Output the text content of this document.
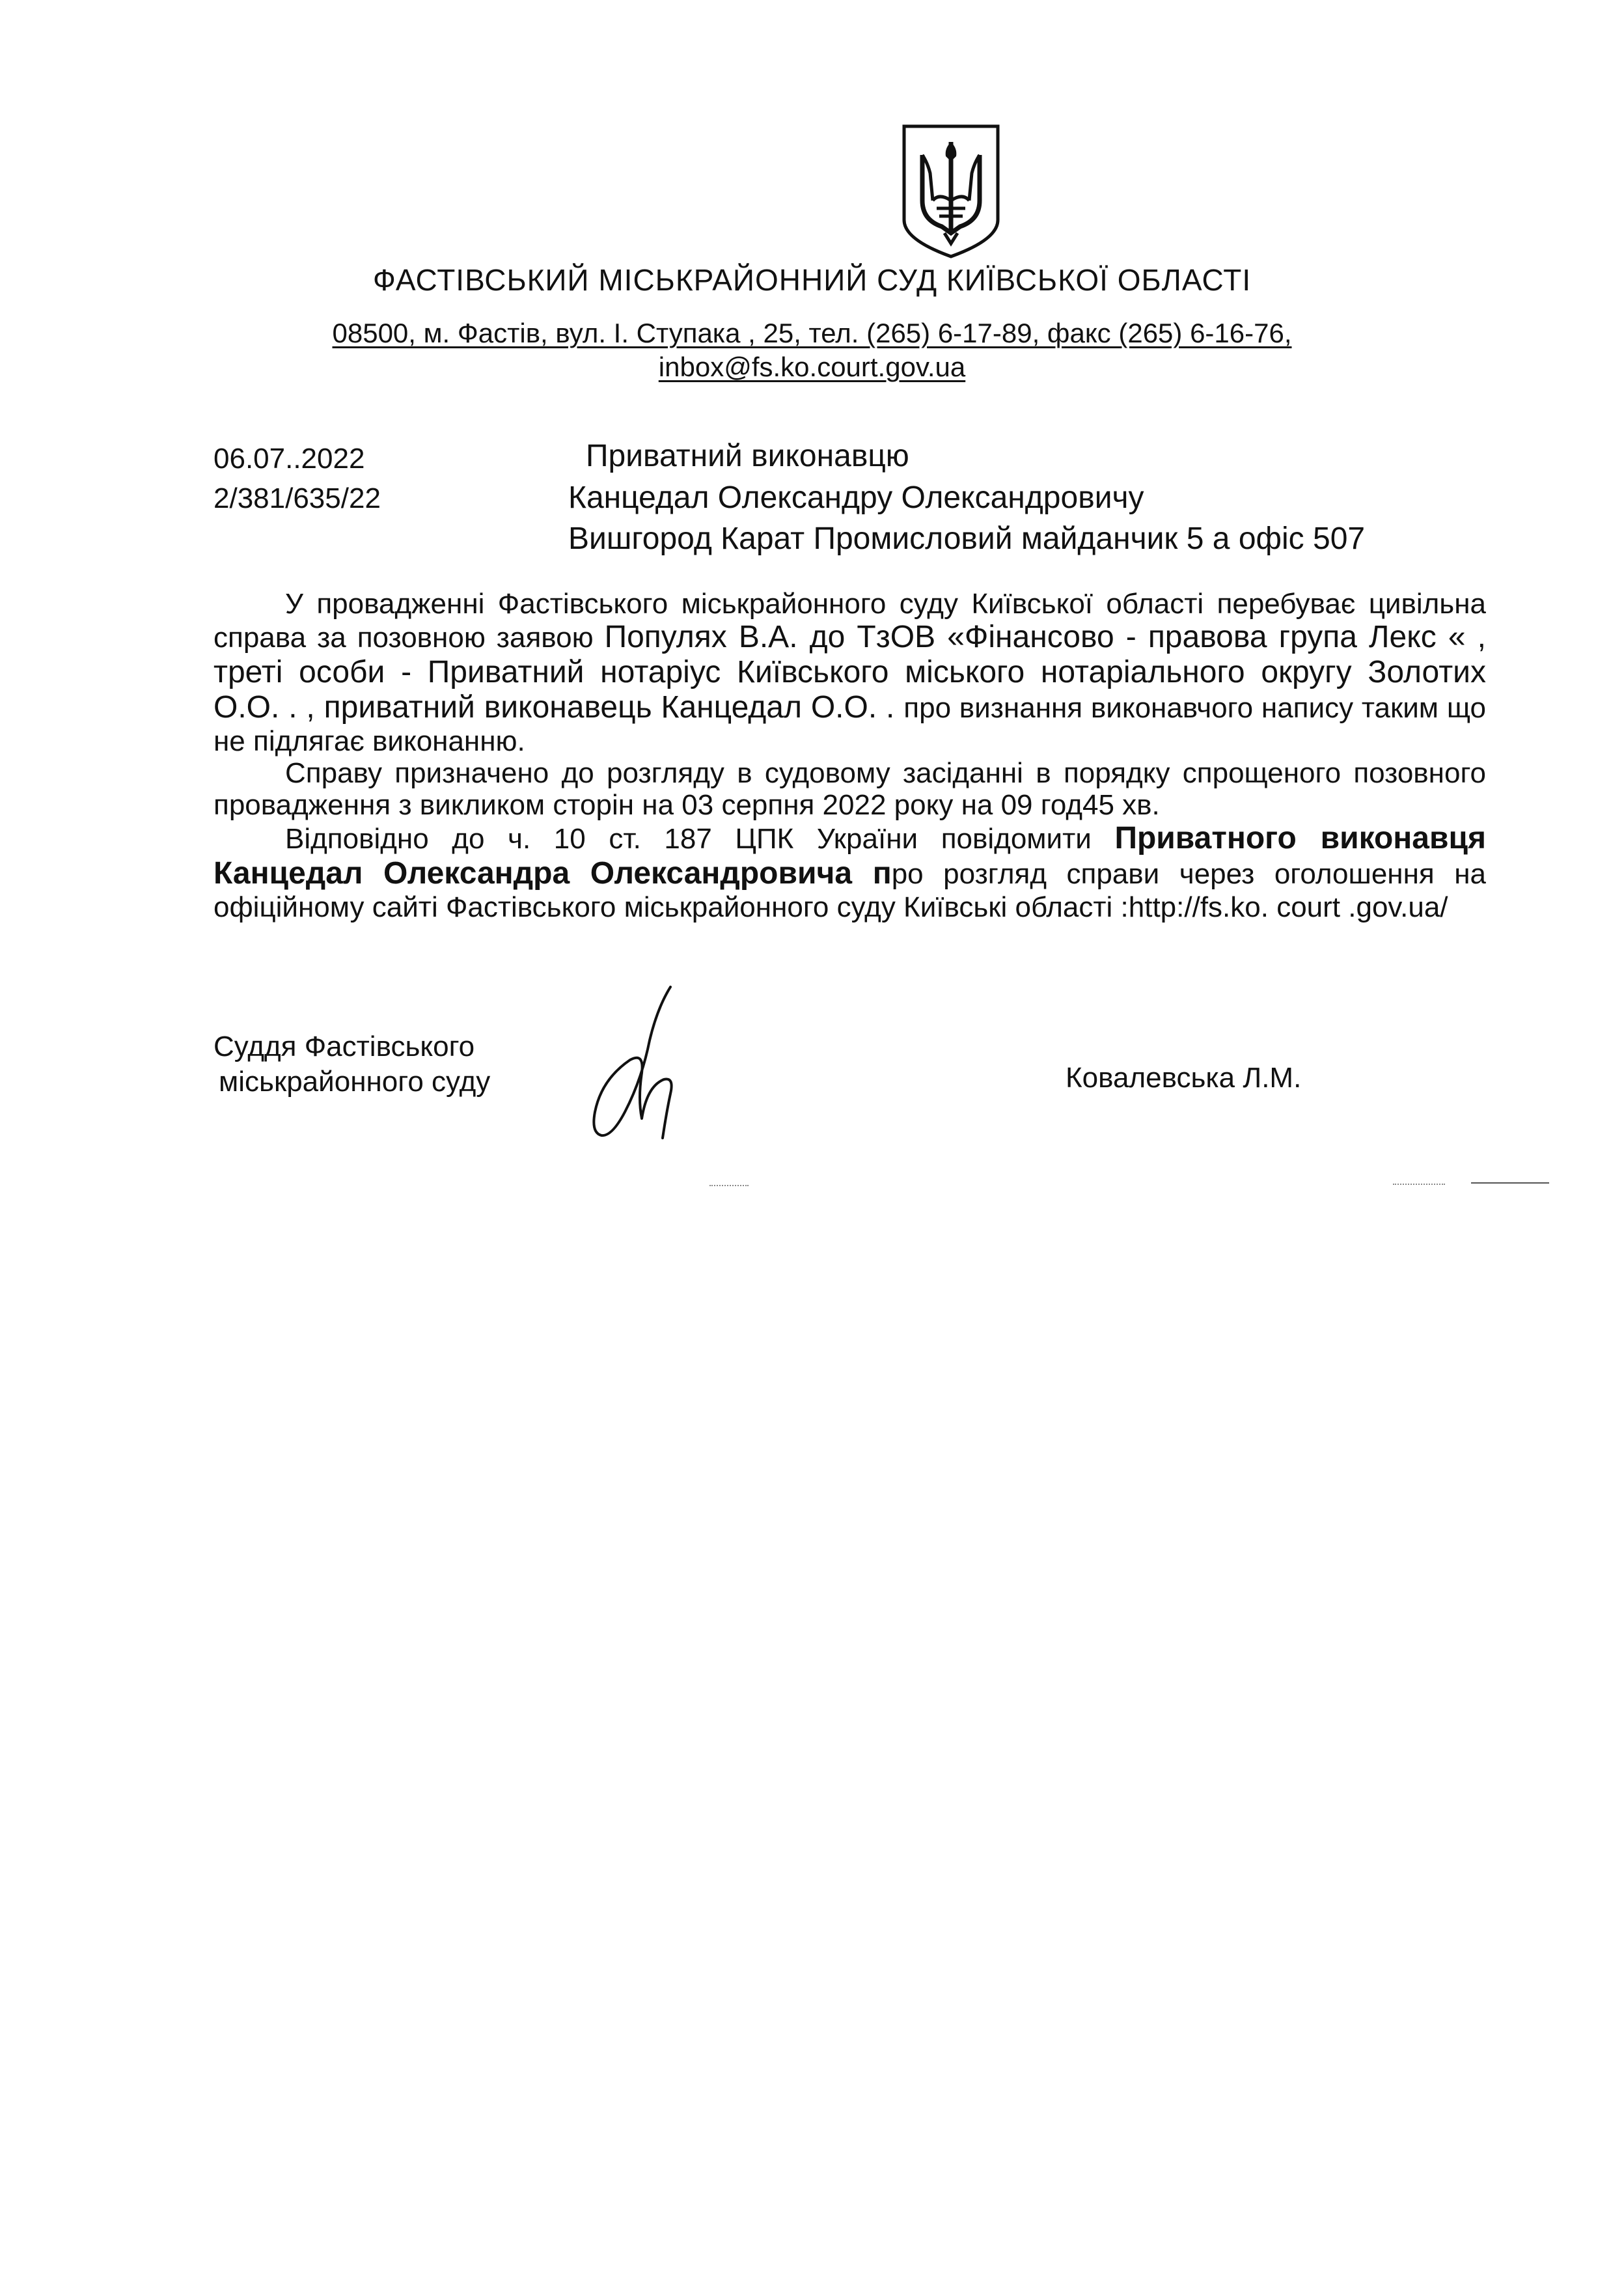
ФАСТІВСЬКИЙ МІСЬКРАЙОННИЙ СУД КИЇВСЬКОЇ ОБЛАСТІ
08500, м. Фастів, вул. І. Ступака , 25, тел. (265) 6-17-89, факс (265) 6-16-76,
inbox@fs.ko.court.gov.ua
06.07..2022
2/381/635/22
Приватний виконавцю
Канцедал Олександру Олександровичу
Вишгород Карат Промисловий майданчик 5 а офіс 507

У провадженні Фастівського міськрайонного суду Київської області перебуває цивільна справа за позовною заявою Популях В.А. до ТзОВ «Фінансово - правова група Лекс « , треті особи - Приватний нотаріус Київського міського нотаріального округу Золотих О.О. . , приватний виконавець Канцедал О.О. . про визнання виконавчого напису таким що не підлягає виконанню.

Справу призначено до розгляду в судовому засіданні в порядку спрощеного позовного провадження з викликом сторін на 03 серпня 2022 року на 09 год45 хв.

Відповідно до ч. 10 ст. 187 ЦПК України повідомити Приватного виконавця Канцедал Олександра Олександровича про розгляд справи через оголошення на офіційному сайті Фастівського міськрайонного суду Київські області :http://fs.ko. court .gov.ua/

Суддя Фастівського
міськрайонного суду	Ковалевська Л.М.
